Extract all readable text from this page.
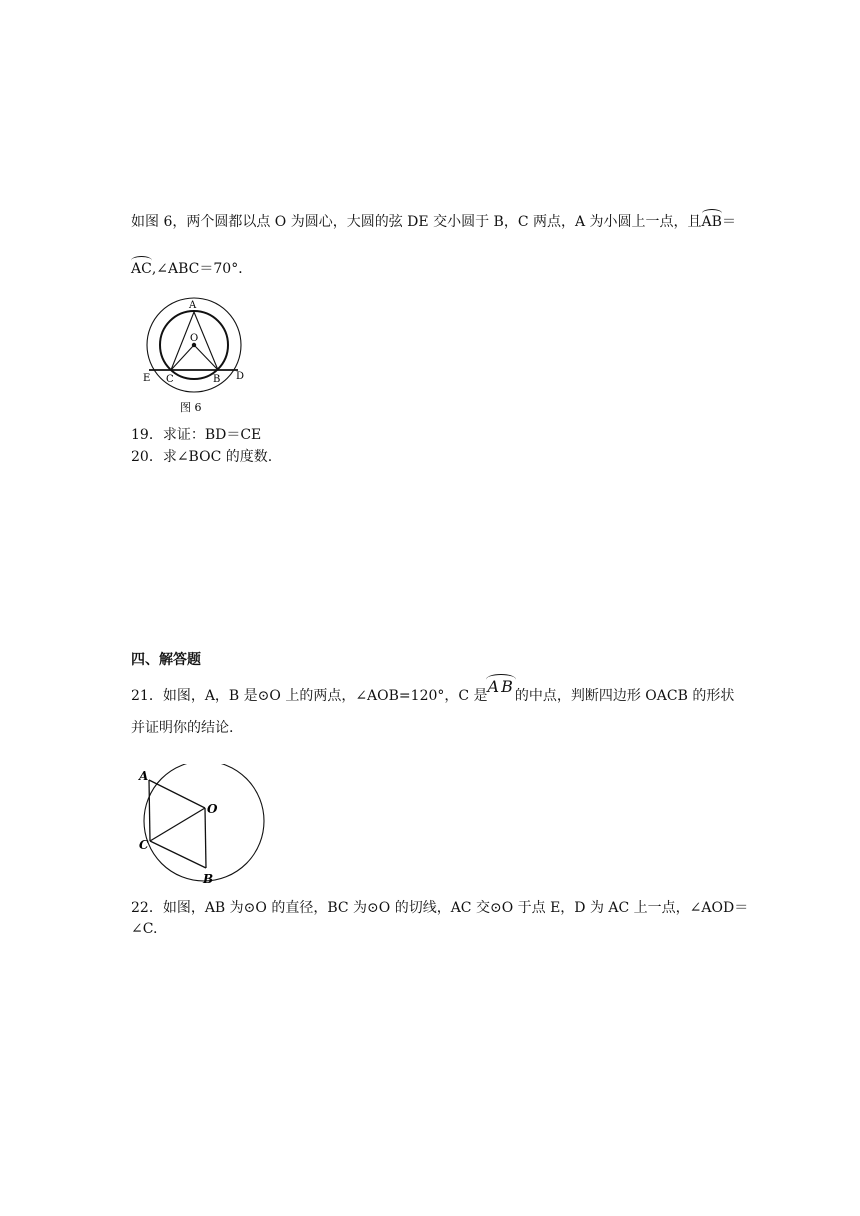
如图 6，两个圆都以点 O 为圆心，大圆的弦 DE 交小圆于 B，C 两点，A 为小圆上一点，且AB＝
AC,∠ABC＝70°．
A
O
E C	B D
图 6
19．求证：BD＝CE
20．求∠BOC 的度数.
四、解答题
21．如图，A，B 是⊙O 上的两点，∠AOB=120°，C 是AB的中点，判断四边形 OACB 的形状
并证明你的结论.
A
O
C
B
22．如图，AB 为⊙O 的直径，BC 为⊙O 的切线，AC 交⊙O 于点 E，D 为 AC 上一点，∠AOD＝
∠C.
